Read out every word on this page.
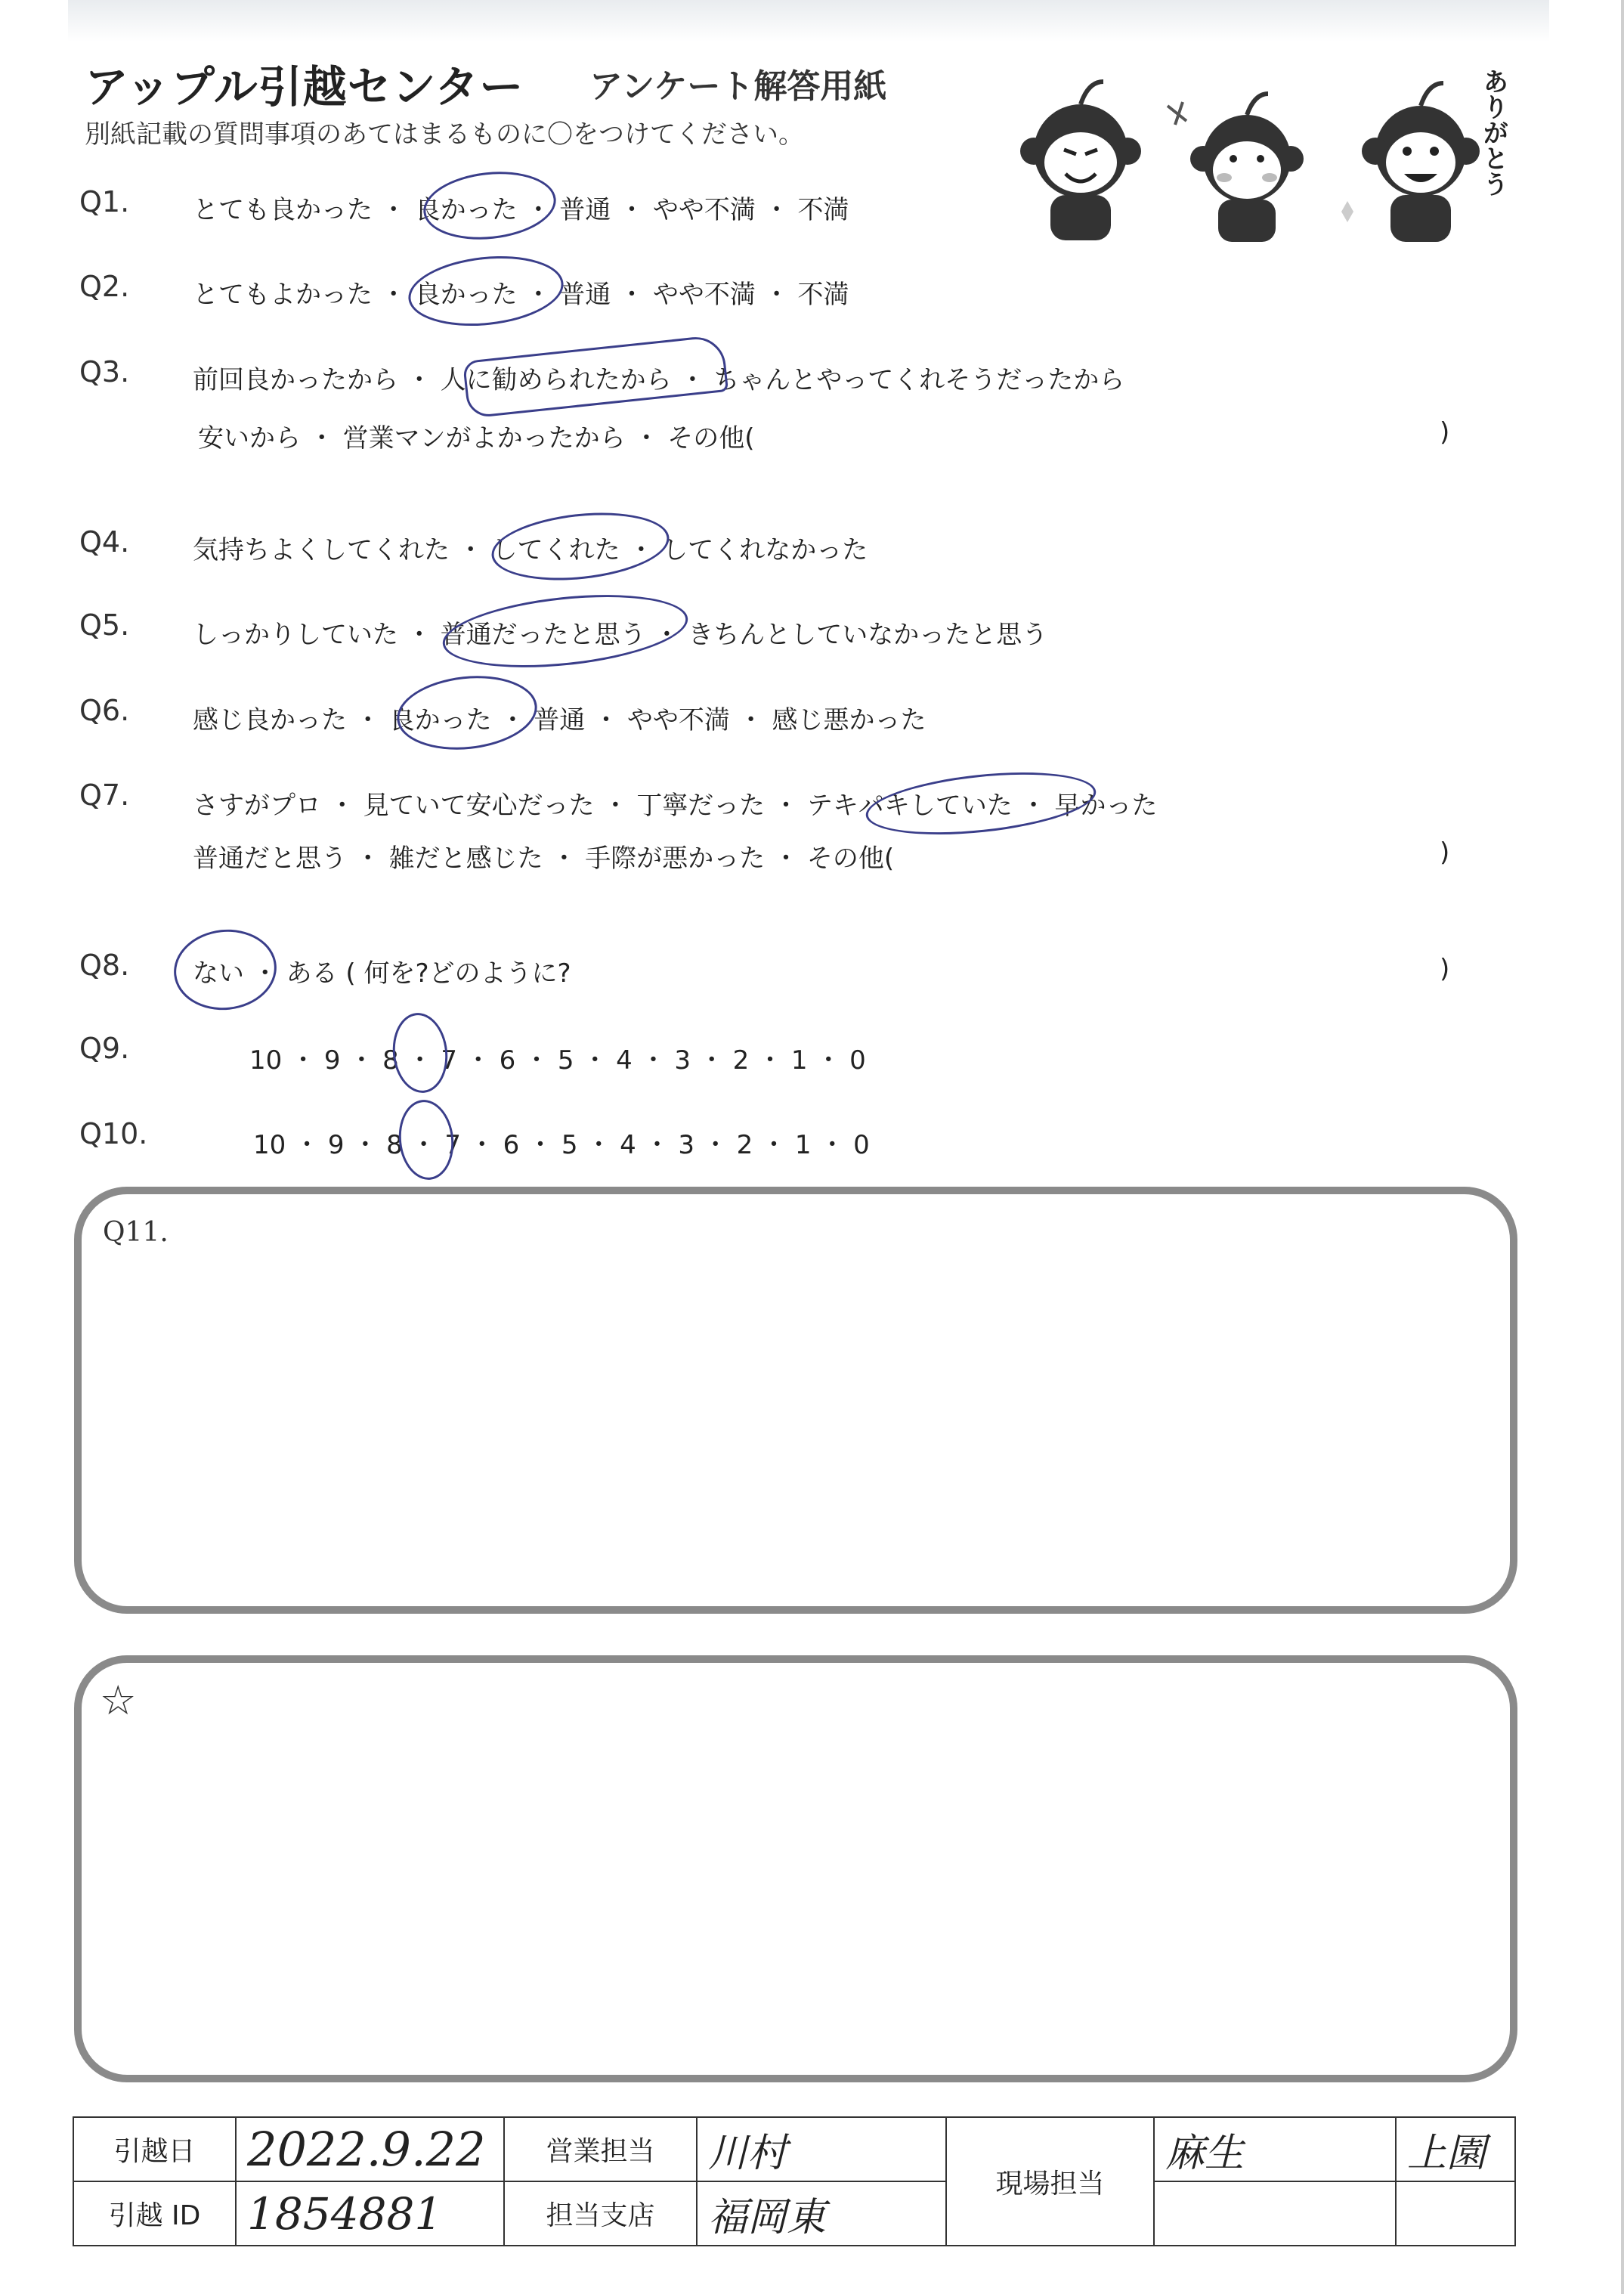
アップル引越センター アンケート解答用紙
別紙記載の質問事項のあてはまるものに〇をつけてください。	ありがとう
Q1. とても良かった ・ 良かった ・ 普通 ・ やや不満 ・ 不満
Q2. とてもよかった ・ 良かった ・ 普通 ・ やや不満 ・ 不満
Q3. 前回良かったから ・ 人に勧められたから ・ ちゃんとやってくれそうだったから
安いから ・ 営業マンがよかったから ・ その他(	)
Q4. 気持ちよくしてくれた ・ してくれた ・ してくれなかった
Q5. しっかりしていた ・ 普通だったと思う ・ きちんとしていなかったと思う
Q6. 感じ良かった ・ 良かった ・ 普通 ・ やや不満 ・ 感じ悪かった
Q7. さすがプロ ・ 見ていて安心だった ・ 丁寧だった ・ テキパキしていた ・ 早かった
普通だと思う ・ 雑だと感じた ・ 手際が悪かった ・ その他(	)
Q8. ない ・ ある ( 何を?どのように?	)
Q9.	10 ・ 9 ・ 8 ・ 7 ・ 6 ・ 5 ・ 4 ・ 3 ・ 2 ・ 1 ・ 0
Q10.	10 ・ 9 ・ 8 ・ 7 ・ 6 ・ 5 ・ 4 ・ 3 ・ 2 ・ 1 ・ 0
Q11.
☆
引越日	2022.9.22	営業担当	川村	現場担当	麻生	上園
引越 ID	1854881	担当支店	福岡東			
